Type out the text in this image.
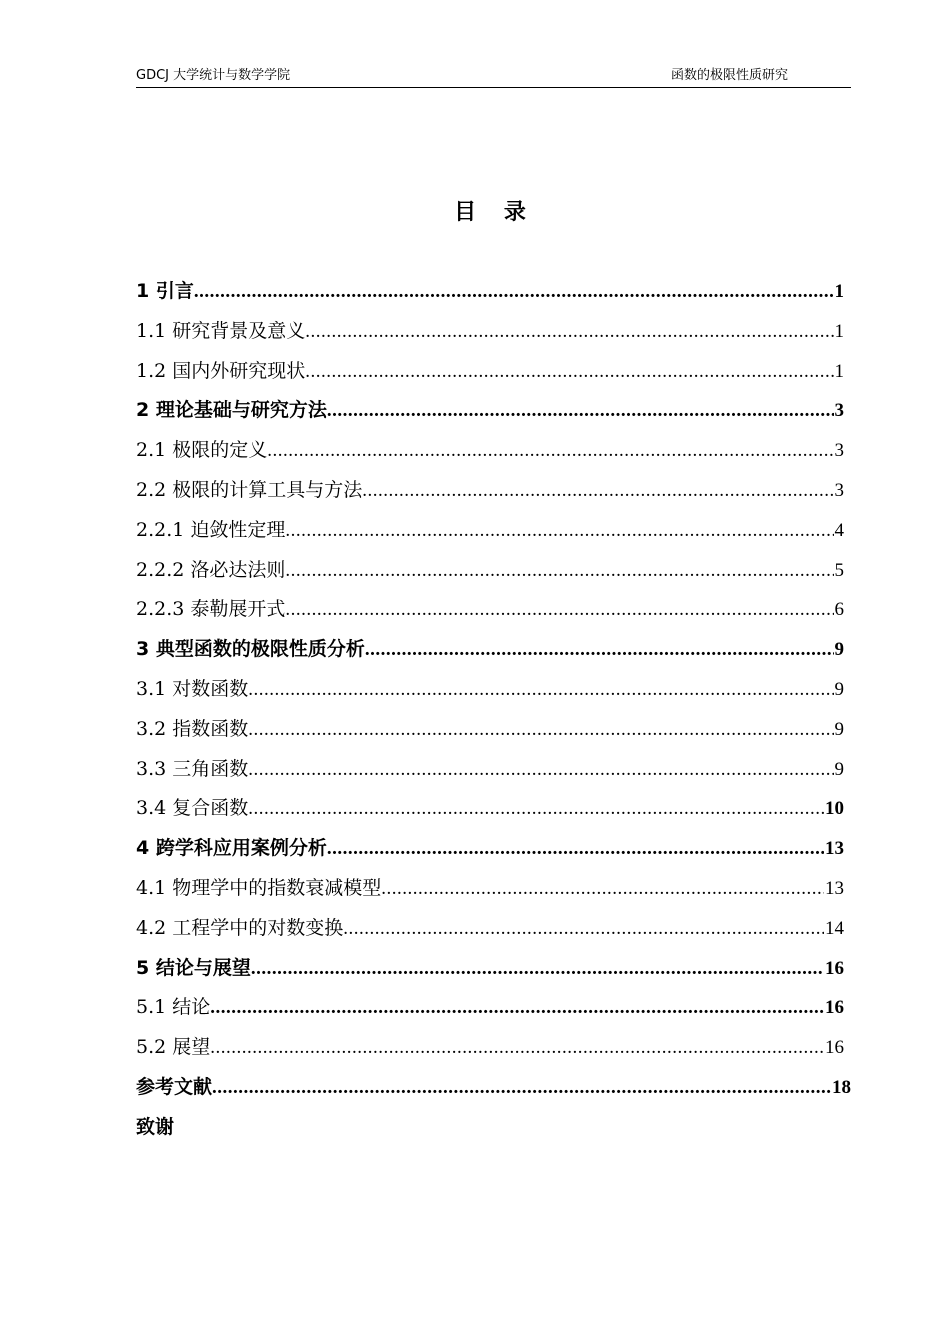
GDCJ 大学统计与数学学院	函数的极限性质研究
目 录
1 引言 .....	1
1.1 研究背景及意义 .....	1
1.2 国内外研究现状 .....	1
2 理论基础与研究方法 .....	3
2.1 极限的定义 .....	3
2.2 极限的计算工具与方法 .....	3
2.2.1 迫敛性定理 .....	4
2.2.2 洛必达法则 .....	5
2.2.3 泰勒展开式 .....	6
3 典型函数的极限性质分析 .....	9
3.1 对数函数 .....	9
3.2 指数函数 .....	9
3.3 三角函数 .....	9
3.4 复合函数 .....	10
4 跨学科应用案例分析 .....	13
4.1 物理学中的指数衰减模型 .....	13
4.2 工程学中的对数变换 .....	14
5 结论与展望 .....	16
5.1 结论 .....	16
5.2 展望 .....	16
参考文献 .....	18
致谢
